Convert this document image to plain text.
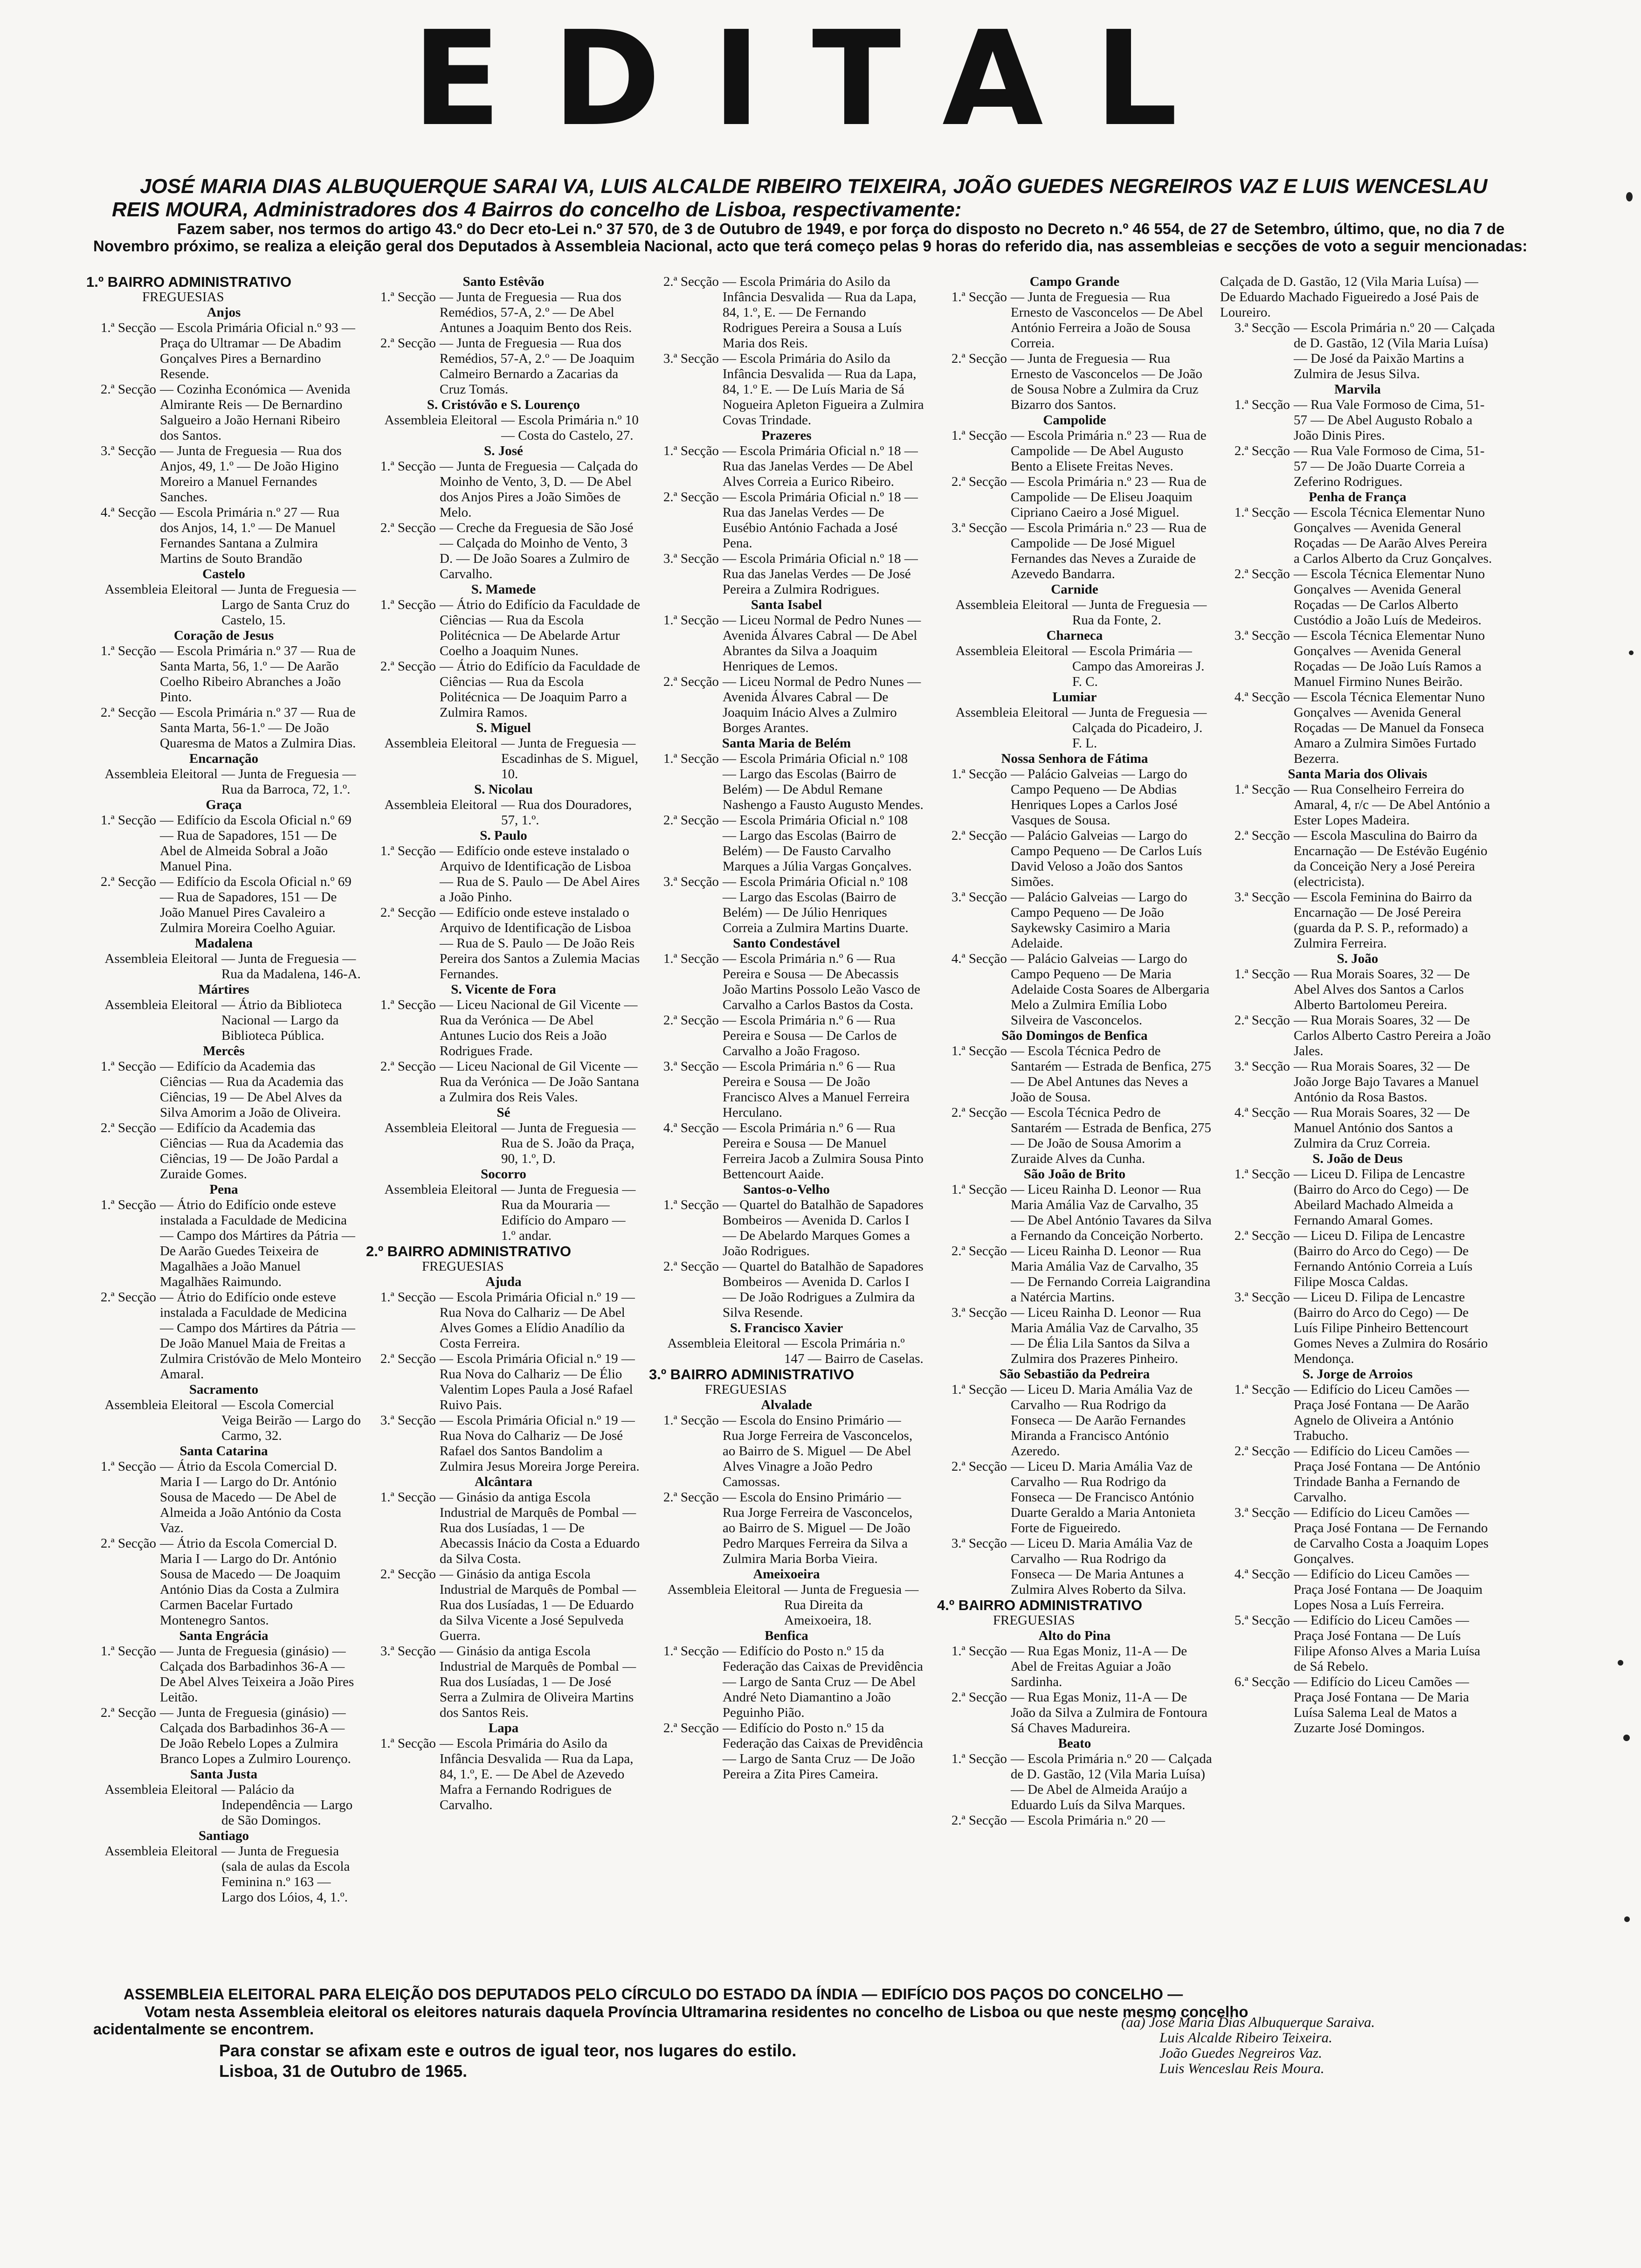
EDITAL
JOSÉ MARIA DIAS ALBUQUERQUE SARAI VA, LUIS ALCALDE RIBEIRO TEIXEIRA, JOÃO GUEDES NEGREIROS VAZ E LUIS WENCESLAU
REIS MOURA, Administradores dos 4 Bairros do concelho de Lisboa, respectivamente:
Fazem saber, nos termos do artigo 43.º do Decr eto-Lei n.º 37 570, de 3 de Outubro de 1949, e por força do disposto no Decreto n.º 46 554, de 27 de Setembro, último, que, no dia 7 de Novembro próximo, se realiza a eleição geral dos Deputados à Assembleia Nacional, acto que terá começo pelas 9 horas do referido dia, nas assembleias e secções de voto a seguir mencionadas:
1.º BAIRRO ADMINISTRATIVO
FREGUESIAS
Anjos
1.ª Secção — Escola Primária Oficial n.º 93 — Praça do Ultramar — De Abadim Gonçalves Pires a Bernardino Resende.
2.ª Secção — Cozinha Económica — Avenida Almirante Reis — De Bernardino Salgueiro a João Hernani Ribeiro dos Santos.
3.ª Secção — Junta de Freguesia — Rua dos Anjos, 49, 1.º — De João Higino Moreiro a Manuel Fernandes Sanches.
4.ª Secção — Escola Primária n.º 27 — Rua dos Anjos, 14, 1.º — De Manuel Fernandes Santana a Zulmira Martins de Souto Brandão
Castelo
Assembleia Eleitoral — Junta de Freguesia — Largo de Santa Cruz do Castelo, 15.
Coração de Jesus
1.ª Secção — Escola Primária n.º 37 — Rua de Santa Marta, 56, 1.º — De Aarão Coelho Ribeiro Abranches a João Pinto.
2.ª Secção — Escola Primária n.º 37 — Rua de Santa Marta, 56-1.º — De João Quaresma de Matos a Zulmira Dias.
Encarnação
Assembleia Eleitoral — Junta de Freguesia — Rua da Barroca, 72, 1.º.
Graça
1.ª Secção — Edifício da Escola Oficial n.º 69 — Rua de Sapadores, 151 — De Abel de Almeida Sobral a João Manuel Pina.
2.ª Secção — Edifício da Escola Oficial n.º 69 — Rua de Sapadores, 151 — De João Manuel Pires Cavaleiro a Zulmira Moreira Coelho Aguiar.
Madalena
Assembleia Eleitoral — Junta de Freguesia — Rua da Madalena, 146-A.
Mártires
Assembleia Eleitoral — Átrio da Biblioteca Nacional — Largo da Biblioteca Pública.
Mercês
1.ª Secção — Edifício da Academia das Ciências — Rua da Academia das Ciências, 19 — De Abel Alves da Silva Amorim a João de Oliveira.
2.ª Secção — Edifício da Academia das Ciências — Rua da Academia das Ciências, 19 — De João Pardal a Zuraide Gomes.
Pena
1.ª Secção — Átrio do Edifício onde esteve instalada a Faculdade de Medicina — Campo dos Mártires da Pátria — De Aarão Guedes Teixeira de Magalhães a João Manuel Magalhães Raimundo.
2.ª Secção — Átrio do Edifício onde esteve instalada a Faculdade de Medicina — Campo dos Mártires da Pátria — De João Manuel Maia de Freitas a Zulmira Cristóvão de Melo Monteiro Amaral.
Sacramento
Assembleia Eleitoral — Escola Comercial Veiga Beirão — Largo do Carmo, 32.
Santa Catarina
1.ª Secção — Átrio da Escola Comercial D. Maria I — Largo do Dr. António Sousa de Macedo — De Abel de Almeida a João António da Costa Vaz.
2.ª Secção — Átrio da Escola Comercial D. Maria I — Largo do Dr. António Sousa de Macedo — De Joaquim António Dias da Costa a Zulmira Carmen Bacelar Furtado Montenegro Santos.
Santa Engrácia
1.ª Secção — Junta de Freguesia (ginásio) — Calçada dos Barbadinhos 36-A — De Abel Alves Teixeira a João Pires Leitão.
2.ª Secção — Junta de Freguesia (ginásio) — Calçada dos Barbadinhos 36-A — De João Rebelo Lopes a Zulmira Branco Lopes a Zulmiro Lourenço.
Santa Justa
Assembleia Eleitoral — Palácio da Independência — Largo de São Domingos.
Santiago
Assembleia Eleitoral — Junta de Freguesia (sala de aulas da Escola Feminina n.º 163 — Largo dos Lóios, 4, 1.º.
Santo Estêvão
1.ª Secção — Junta de Freguesia — Rua dos Remédios, 57-A, 2.º — De Abel Antunes a Joaquim Bento dos Reis.
2.ª Secção — Junta de Freguesia — Rua dos Remédios, 57-A, 2.º — De Joaquim Calmeiro Bernardo a Zacarias da Cruz Tomás.
S. Cristóvão e S. Lourenço
Assembleia Eleitoral — Escola Primária n.º 10 — Costa do Castelo, 27.
S. José
1.ª Secção — Junta de Freguesia — Calçada do Moinho de Vento, 3, D. — De Abel dos Anjos Pires a João Simões de Melo.
2.ª Secção — Creche da Freguesia de São José — Calçada do Moinho de Vento, 3 D. — De João Soares a Zulmiro de Carvalho.
S. Mamede
1.ª Secção — Átrio do Edifício da Faculdade de Ciências — Rua da Escola Politécnica — De Abelarde Artur Coelho a Joaquim Nunes.
2.ª Secção — Átrio do Edifício da Faculdade de Ciências — Rua da Escola Politécnica — De Joaquim Parro a Zulmira Ramos.
S. Miguel
Assembleia Eleitoral — Junta de Freguesia — Escadinhas de S. Miguel, 10.
S. Nicolau
Assembleia Eleitoral — Rua dos Douradores, 57, 1.º.
S. Paulo
1.ª Secção — Edifício onde esteve instalado o Arquivo de Identificação de Lisboa — Rua de S. Paulo — De Abel Aires a João Pinho.
2.ª Secção — Edifício onde esteve instalado o Arquivo de Identificação de Lisboa — Rua de S. Paulo — De João Reis Pereira dos Santos a Zulemia Macias Fernandes.
S. Vicente de Fora
1.ª Secção — Liceu Nacional de Gil Vicente — Rua da Verónica — De Abel Antunes Lucio dos Reis a João Rodrigues Frade.
2.ª Secção — Liceu Nacional de Gil Vicente — Rua da Verónica — De João Santana a Zulmira dos Reis Vales.
Sé
Assembleia Eleitoral — Junta de Freguesia — Rua de S. João da Praça, 90, 1.º, D.
Socorro
Assembleia Eleitoral — Junta de Freguesia — Rua da Mouraria — Edifício do Amparo — 1.º andar.
2.º BAIRRO ADMINISTRATIVO
FREGUESIAS
Ajuda
1.ª Secção — Escola Primária Oficial n.º 19 — Rua Nova do Calhariz — De Abel Alves Gomes a Elídio Anadílio da Costa Ferreira.
2.ª Secção — Escola Primária Oficial n.º 19 — Rua Nova do Calhariz — De Élio Valentim Lopes Paula a José Rafael Ruivo Pais.
3.ª Secção — Escola Primária Oficial n.º 19 — Rua Nova do Calhariz — De José Rafael dos Santos Bandolim a Zulmira Jesus Moreira Jorge Pereira.
Alcântara
1.ª Secção — Ginásio da antiga Escola Industrial de Marquês de Pombal — Rua dos Lusíadas, 1 — De Abecassis Inácio da Costa a Eduardo da Silva Costa.
2.ª Secção — Ginásio da antiga Escola Industrial de Marquês de Pombal — Rua dos Lusíadas, 1 — De Eduardo da Silva Vicente a José Sepulveda Guerra.
3.ª Secção — Ginásio da antiga Escola Industrial de Marquês de Pombal — Rua dos Lusíadas, 1 — De José Serra a Zulmira de Oliveira Martins dos Santos Reis.
Lapa
1.ª Secção — Escola Primária do Asilo da Infância Desvalida — Rua da Lapa, 84, 1.º, E. — De Abel de Azevedo Mafra a Fernando Rodrigues de Carvalho.
2.ª Secção — Escola Primária do Asilo da Infância Desvalida — Rua da Lapa, 84, 1.º, E. — De Fernando Rodrigues Pereira a Sousa a Luís Maria dos Reis.
3.ª Secção — Escola Primária do Asilo da Infância Desvalida — Rua da Lapa, 84, 1.º E. — De Luís Maria de Sá Nogueira Apleton Figueira a Zulmira Covas Trindade.
Prazeres
1.ª Secção — Escola Primária Oficial n.º 18 — Rua das Janelas Verdes — De Abel Alves Correia a Eurico Ribeiro.
2.ª Secção — Escola Primária Oficial n.º 18 — Rua das Janelas Verdes — De Eusébio António Fachada a José Pena.
3.ª Secção — Escola Primária Oficial n.º 18 — Rua das Janelas Verdes — De José Pereira a Zulmira Rodrigues.
Santa Isabel
1.ª Secção — Liceu Normal de Pedro Nunes — Avenida Álvares Cabral — De Abel Abrantes da Silva a Joaquim Henriques de Lemos.
2.ª Secção — Liceu Normal de Pedro Nunes — Avenida Álvares Cabral — De Joaquim Inácio Alves a Zulmiro Borges Arantes.
Santa Maria de Belém
1.ª Secção — Escola Primária Oficial n.º 108 — Largo das Escolas (Bairro de Belém) — De Abdul Remane Nashengo a Fausto Augusto Mendes.
2.ª Secção — Escola Primária Oficial n.º 108 — Largo das Escolas (Bairro de Belém) — De Fausto Carvalho Marques a Júlia Vargas Gonçalves.
3.ª Secção — Escola Primária Oficial n.º 108 — Largo das Escolas (Bairro de Belém) — De Júlio Henriques Correia a Zulmira Martins Duarte.
Santo Condestável
1.ª Secção — Escola Primária n.º 6 — Rua Pereira e Sousa — De Abecassis João Martins Possolo Leão Vasco de Carvalho a Carlos Bastos da Costa.
2.ª Secção — Escola Primária n.º 6 — Rua Pereira e Sousa — De Carlos de Carvalho a João Fragoso.
3.ª Secção — Escola Primária n.º 6 — Rua Pereira e Sousa — De João Francisco Alves a Manuel Ferreira Herculano.
4.ª Secção — Escola Primária n.º 6 — Rua Pereira e Sousa — De Manuel Ferreira Jacob a Zulmira Sousa Pinto Bettencourt Aaide.
Santos-o-Velho
1.ª Secção — Quartel do Batalhão de Sapadores Bombeiros — Avenida D. Carlos I — De Abelardo Marques Gomes a João Rodrigues.
2.ª Secção — Quartel do Batalhão de Sapadores Bombeiros — Avenida D. Carlos I — De João Rodrigues a Zulmira da Silva Resende.
S. Francisco Xavier
Assembleia Eleitoral — Escola Primária n.º 147 — Bairro de Caselas.
3.º BAIRRO ADMINISTRATIVO
FREGUESIAS
Alvalade
1.ª Secção — Escola do Ensino Primário — Rua Jorge Ferreira de Vasconcelos, ao Bairro de S. Miguel — De Abel Alves Vinagre a João Pedro Camossas.
2.ª Secção — Escola do Ensino Primário — Rua Jorge Ferreira de Vasconcelos, ao Bairro de S. Miguel — De João Pedro Marques Ferreira da Silva a Zulmira Maria Borba Vieira.
Ameixoeira
Assembleia Eleitoral — Junta de Freguesia — Rua Direita da Ameixoeira, 18.
Benfica
1.ª Secção — Edifício do Posto n.º 15 da Federação das Caixas de Previdência — Largo de Santa Cruz — De Abel André Neto Diamantino a João Peguinho Pião.
2.ª Secção — Edifício do Posto n.º 15 da Federação das Caixas de Previdência — Largo de Santa Cruz — De João Pereira a Zita Pires Cameira.
Campo Grande
1.ª Secção — Junta de Freguesia — Rua Ernesto de Vasconcelos — De Abel António Ferreira a João de Sousa Correia.
2.ª Secção — Junta de Freguesia — Rua Ernesto de Vasconcelos — De João de Sousa Nobre a Zulmira da Cruz Bizarro dos Santos.
Campolide
1.ª Secção — Escola Primária n.º 23 — Rua de Campolide — De Abel Augusto Bento a Elisete Freitas Neves.
2.ª Secção — Escola Primária n.º 23 — Rua de Campolide — De Eliseu Joaquim Cipriano Caeiro a José Miguel.
3.ª Secção — Escola Primária n.º 23 — Rua de Campolide — De José Miguel Fernandes das Neves a Zuraide de Azevedo Bandarra.
Carnide
Assembleia Eleitoral — Junta de Freguesia — Rua da Fonte, 2.
Charneca
Assembleia Eleitoral — Escola Primária — Campo das Amoreiras J. F. C.
Lumiar
Assembleia Eleitoral — Junta de Freguesia — Calçada do Picadeiro, J. F. L.
Nossa Senhora de Fátima
1.ª Secção — Palácio Galveias — Largo do Campo Pequeno — De Abdias Henriques Lopes a Carlos José Vasques de Sousa.
2.ª Secção — Palácio Galveias — Largo do Campo Pequeno — De Carlos Luís David Veloso a João dos Santos Simões.
3.ª Secção — Palácio Galveias — Largo do Campo Pequeno — De João Saykewsky Casimiro a Maria Adelaide.
4.ª Secção — Palácio Galveias — Largo do Campo Pequeno — De Maria Adelaide Costa Soares de Albergaria Melo a Zulmira Emília Lobo Silveira de Vasconcelos.
São Domingos de Benfica
1.ª Secção — Escola Técnica Pedro de Santarém — Estrada de Benfica, 275 — De Abel Antunes das Neves a João de Sousa.
2.ª Secção — Escola Técnica Pedro de Santarém — Estrada de Benfica, 275 — De João de Sousa Amorim a Zuraide Alves da Cunha.
São João de Brito
1.ª Secção — Liceu Rainha D. Leonor — Rua Maria Amália Vaz de Carvalho, 35 — De Abel António Tavares da Silva a Fernando da Conceição Norberto.
2.ª Secção — Liceu Rainha D. Leonor — Rua Maria Amália Vaz de Carvalho, 35 — De Fernando Correia Laigrandina a Natércia Martins.
3.ª Secção — Liceu Rainha D. Leonor — Rua Maria Amália Vaz de Carvalho, 35 — De Élia Lila Santos da Silva a Zulmira dos Prazeres Pinheiro.
São Sebastião da Pedreira
1.ª Secção — Liceu D. Maria Amália Vaz de Carvalho — Rua Rodrigo da Fonseca — De Aarão Fernandes Miranda a Francisco António Azeredo.
2.ª Secção — Liceu D. Maria Amália Vaz de Carvalho — Rua Rodrigo da Fonseca — De Francisco António Duarte Geraldo a Maria Antonieta Forte de Figueiredo.
3.ª Secção — Liceu D. Maria Amália Vaz de Carvalho — Rua Rodrigo da Fonseca — De Maria Antunes a Zulmira Alves Roberto da Silva.
4.º BAIRRO ADMINISTRATIVO
FREGUESIAS
Alto do Pina
1.ª Secção — Rua Egas Moniz, 11-A — De Abel de Freitas Aguiar a João Sardinha.
2.ª Secção — Rua Egas Moniz, 11-A — De João da Silva a Zulmira de Fontoura Sá Chaves Madureira.
Beato
1.ª Secção — Escola Primária n.º 20 — Calçada de D. Gastão, 12 (Vila Maria Luísa) — De Abel de Almeida Araújo a Eduardo Luís da Silva Marques.
2.ª Secção — Escola Primária n.º 20 —
Calçada de D. Gastão, 12 (Vila Maria Luísa) — De Eduardo Machado Figueiredo a José Pais de Loureiro.
3.ª Secção — Escola Primária n.º 20 — Calçada de D. Gastão, 12 (Vila Maria Luísa) — De José da Paixão Martins a Zulmira de Jesus Silva.
Marvila
1.ª Secção — Rua Vale Formoso de Cima, 51-57 — De Abel Augusto Robalo a João Dinis Pires.
2.ª Secção — Rua Vale Formoso de Cima, 51-57 — De João Duarte Correia a Zeferino Rodrigues.
Penha de França
1.ª Secção — Escola Técnica Elementar Nuno Gonçalves — Avenida General Roçadas — De Aarão Alves Pereira a Carlos Alberto da Cruz Gonçalves.
2.ª Secção — Escola Técnica Elementar Nuno Gonçalves — Avenida General Roçadas — De Carlos Alberto Custódio a João Luís de Medeiros.
3.ª Secção — Escola Técnica Elementar Nuno Gonçalves — Avenida General Roçadas — De João Luís Ramos a Manuel Firmino Nunes Beirão.
4.ª Secção — Escola Técnica Elementar Nuno Gonçalves — Avenida General Roçadas — De Manuel da Fonseca Amaro a Zulmira Simões Furtado Bezerra.
Santa Maria dos Olivais
1.ª Secção — Rua Conselheiro Ferreira do Amaral, 4, r/c — De Abel António a Ester Lopes Madeira.
2.ª Secção — Escola Masculina do Bairro da Encarnação — De Estévão Eugénio da Conceição Nery a José Pereira (electricista).
3.ª Secção — Escola Feminina do Bairro da Encarnação — De José Pereira (guarda da P. S. P., reformado) a Zulmira Ferreira.
S. João
1.ª Secção — Rua Morais Soares, 32 — De Abel Alves dos Santos a Carlos Alberto Bartolomeu Pereira.
2.ª Secção — Rua Morais Soares, 32 — De Carlos Alberto Castro Pereira a João Jales.
3.ª Secção — Rua Morais Soares, 32 — De João Jorge Bajo Tavares a Manuel António da Rosa Bastos.
4.ª Secção — Rua Morais Soares, 32 — De Manuel António dos Santos a Zulmira da Cruz Correia.
S. João de Deus
1.ª Secção — Liceu D. Filipa de Lencastre (Bairro do Arco do Cego) — De Abeilard Machado Almeida a Fernando Amaral Gomes.
2.ª Secção — Liceu D. Filipa de Lencastre (Bairro do Arco do Cego) — De Fernando António Correia a Luís Filipe Mosca Caldas.
3.ª Secção — Liceu D. Filipa de Lencastre (Bairro do Arco do Cego) — De Luís Filipe Pinheiro Bettencourt Gomes Neves a Zulmira do Rosário Mendonça.
S. Jorge de Arroios
1.ª Secção — Edifício do Liceu Camões — Praça José Fontana — De Aarão Agnelo de Oliveira a António Trabucho.
2.ª Secção — Edifício do Liceu Camões — Praça José Fontana — De António Trindade Banha a Fernando de Carvalho.
3.ª Secção — Edifício do Liceu Camões — Praça José Fontana — De Fernando de Carvalho Costa a Joaquim Lopes Gonçalves.
4.ª Secção — Edifício do Liceu Camões — Praça José Fontana — De Joaquim Lopes Nosa a Luís Ferreira.
5.ª Secção — Edifício do Liceu Camões — Praça José Fontana — De Luís Filipe Afonso Alves a Maria Luísa de Sá Rebelo.
6.ª Secção — Edifício do Liceu Camões — Praça José Fontana — De Maria Luísa Salema Leal de Matos a Zuzarte José Domingos.
ASSEMBLEIA ELEITORAL PARA ELEIÇÃO DOS DEPUTADOS PELO CÍRCULO DO ESTADO DA ÍNDIA — EDIFÍCIO DOS PAÇOS DO CONCELHO —
Votam nesta Assembleia eleitoral os eleitores naturais daquela Província Ultramarina residentes no concelho de Lisboa ou que neste mesmo concelho acidentalmente se encontrem.
Para constar se afixam este e outros de igual teor, nos lugares do estilo.
Lisboa, 31 de Outubro de 1965.
(aa) José Maria Dias Albuquerque Saraiva.
Luis Alcalde Ribeiro Teixeira.
João Guedes Negreiros Vaz.
Luis Wenceslau Reis Moura.
